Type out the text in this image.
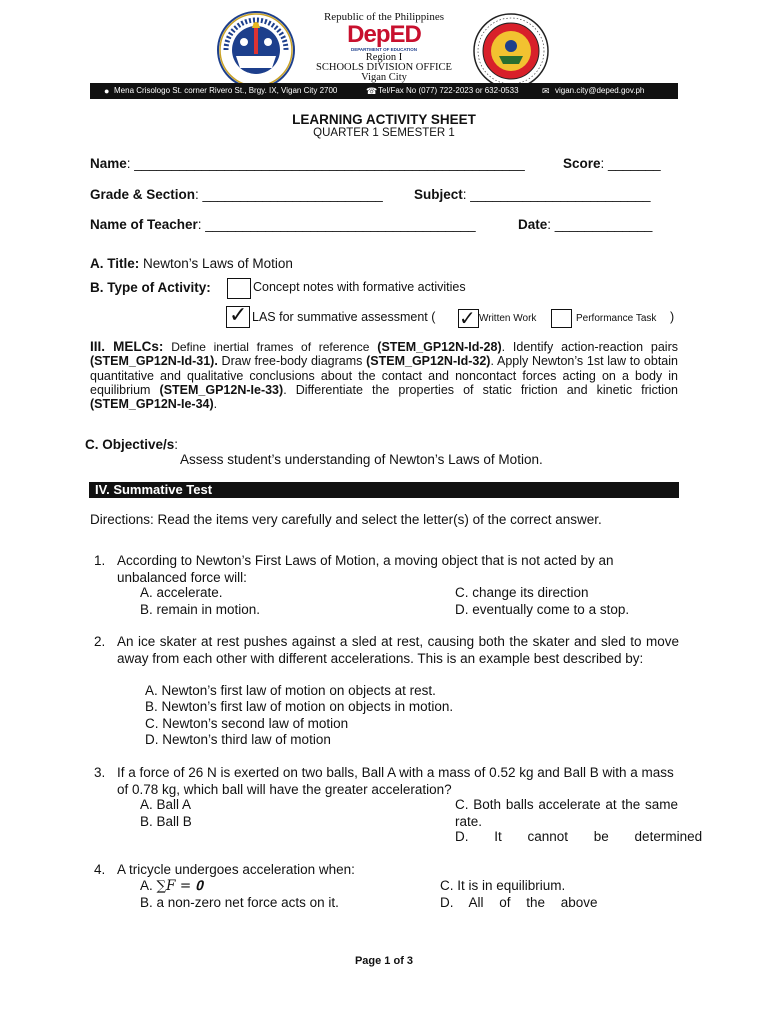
Republic of the Philippines
DepED
DEPARTMENT OF EDUCATION
Region I
SCHOOLS DIVISION OFFICE
Vigan City
● Mena Crisologo St. corner Rivero St., Brgy. IX, Vigan City 2700	☎ Tel/Fax No (077) 722-2023 or 632-0533	✉ vigan.city@deped.gov.ph
LEARNING ACTIVITY SHEET
QUARTER 1 SEMESTER 1
Name: ____________________________________________________	Score: _______
Grade & Section: ________________________ Subject: ________________________
Name of Teacher: ____________________________________	Date: _____________
A. Title: Newton’s Laws of Motion
B. Type of Activity:	Concept notes with formative activities
✓ LAS for summative assessment ( ✓ Written Work	Performance Task )
III. MELCs: Define inertial frames of reference (STEM_GP12N-Id-28). Identify action-reaction pairs (STEM_GP12N-Id-31). Draw free-body diagrams (STEM_GP12N-Id-32). Apply Newton’s 1st law to obtain quantitative and qualitative conclusions about the contact and noncontact forces acting on a body in equilibrium (STEM_GP12N-Ie-33). Differentiate the properties of static friction and kinetic friction (STEM_GP12N-Ie-34).
C. Objective/s:
Assess student’s understanding of Newton’s Laws of Motion.
IV. Summative Test
Directions: Read the items very carefully and select the letter(s) of the correct answer.
1. According to Newton’s First Laws of Motion, a moving object that is not acted by an unbalanced force will:
A. accelerate.
B. remain in motion.
C. change its direction
D. eventually come to a stop.
2. An ice skater at rest pushes against a sled at rest, causing both the skater and sled to move away from each other with different accelerations. This is an example best described by:
A. Newton’s first law of motion on objects at rest.
B. Newton’s first law of motion on objects in motion.
C. Newton’s second law of motion
D. Newton’s third law of motion
3. If a force of 26 N is exerted on two balls, Ball A with a mass of 0.52 kg and Ball B with a mass of 0.78 kg, which ball will have the greater acceleration?
A. Ball A
B. Ball B
C. Both balls accelerate at the same rate.
D. It cannot be determined
4. A tricycle undergoes acceleration when:
A. ∑𝐹 = 𝟎
B. a non-zero net force acts on it.
C. It is in equilibrium.
D. All of the above
Page 1 of 3
